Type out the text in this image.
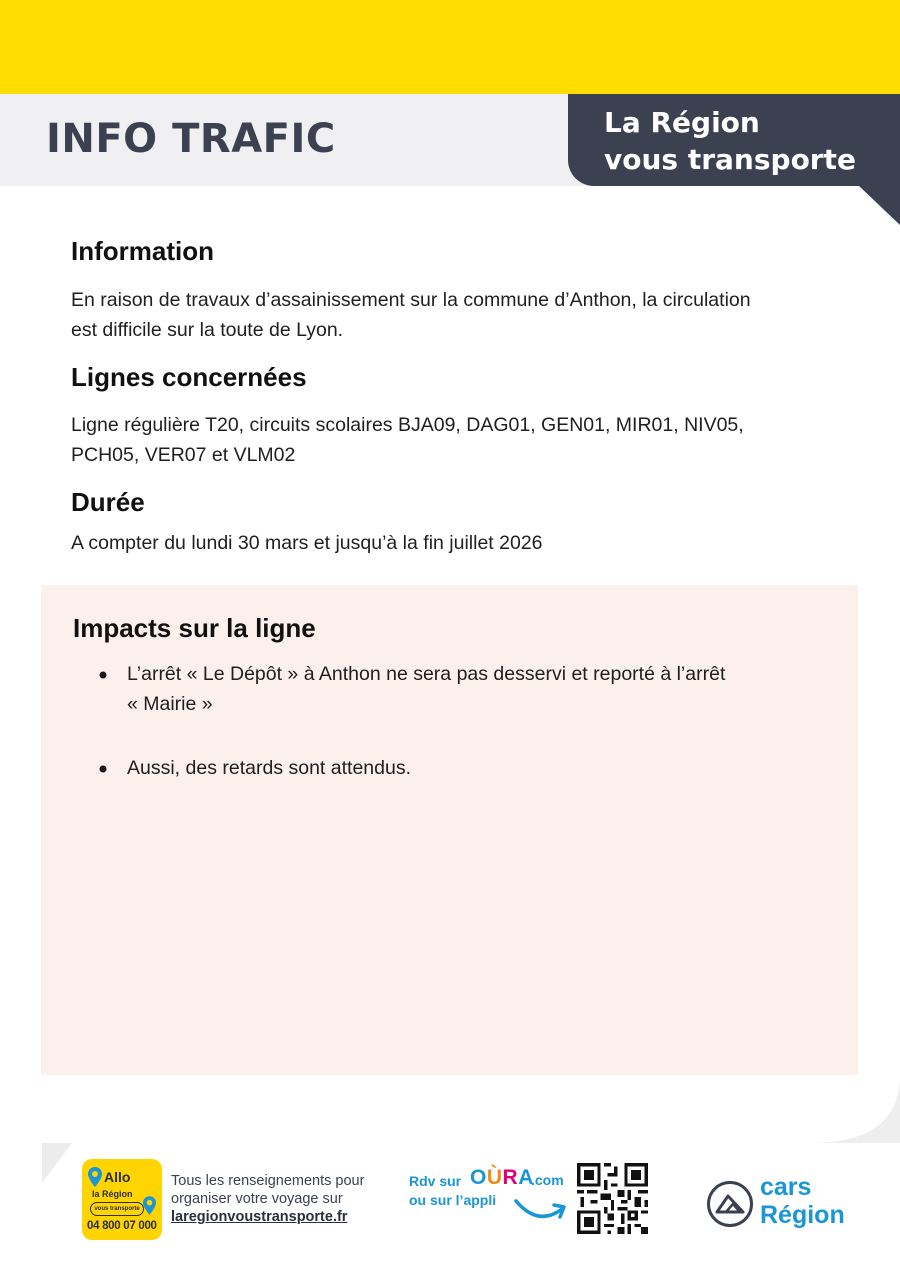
INFO TRAFIC	La Région
vous transporte

Information

En raison de travaux d’assainissement sur la commune d’Anthon, la circulation
est difficile sur la toute de Lyon.

Lignes concernées

Ligne régulière T20, circuits scolaires BJA09, DAG01, GEN01, MIR01, NIV05,
PCH05, VER07 et VLM02

Durée

A compter du lundi 30 mars et jusqu’à la fin juillet 2026

Impacts sur la ligne
L’arrêt « Le Dépôt » à Anthon ne sera pas desservi et reporté à l’arrêt
« Mairie »
Aussi, des retards sont attendus.

Allo

la Région

vous transporte

04 800 07 000

Tous les renseignements pour
organiser votre voyage sur
laregionvoustransporte.fr

Rdv sur
ou sur l’appli

OÙRA
.com	cars
Région
